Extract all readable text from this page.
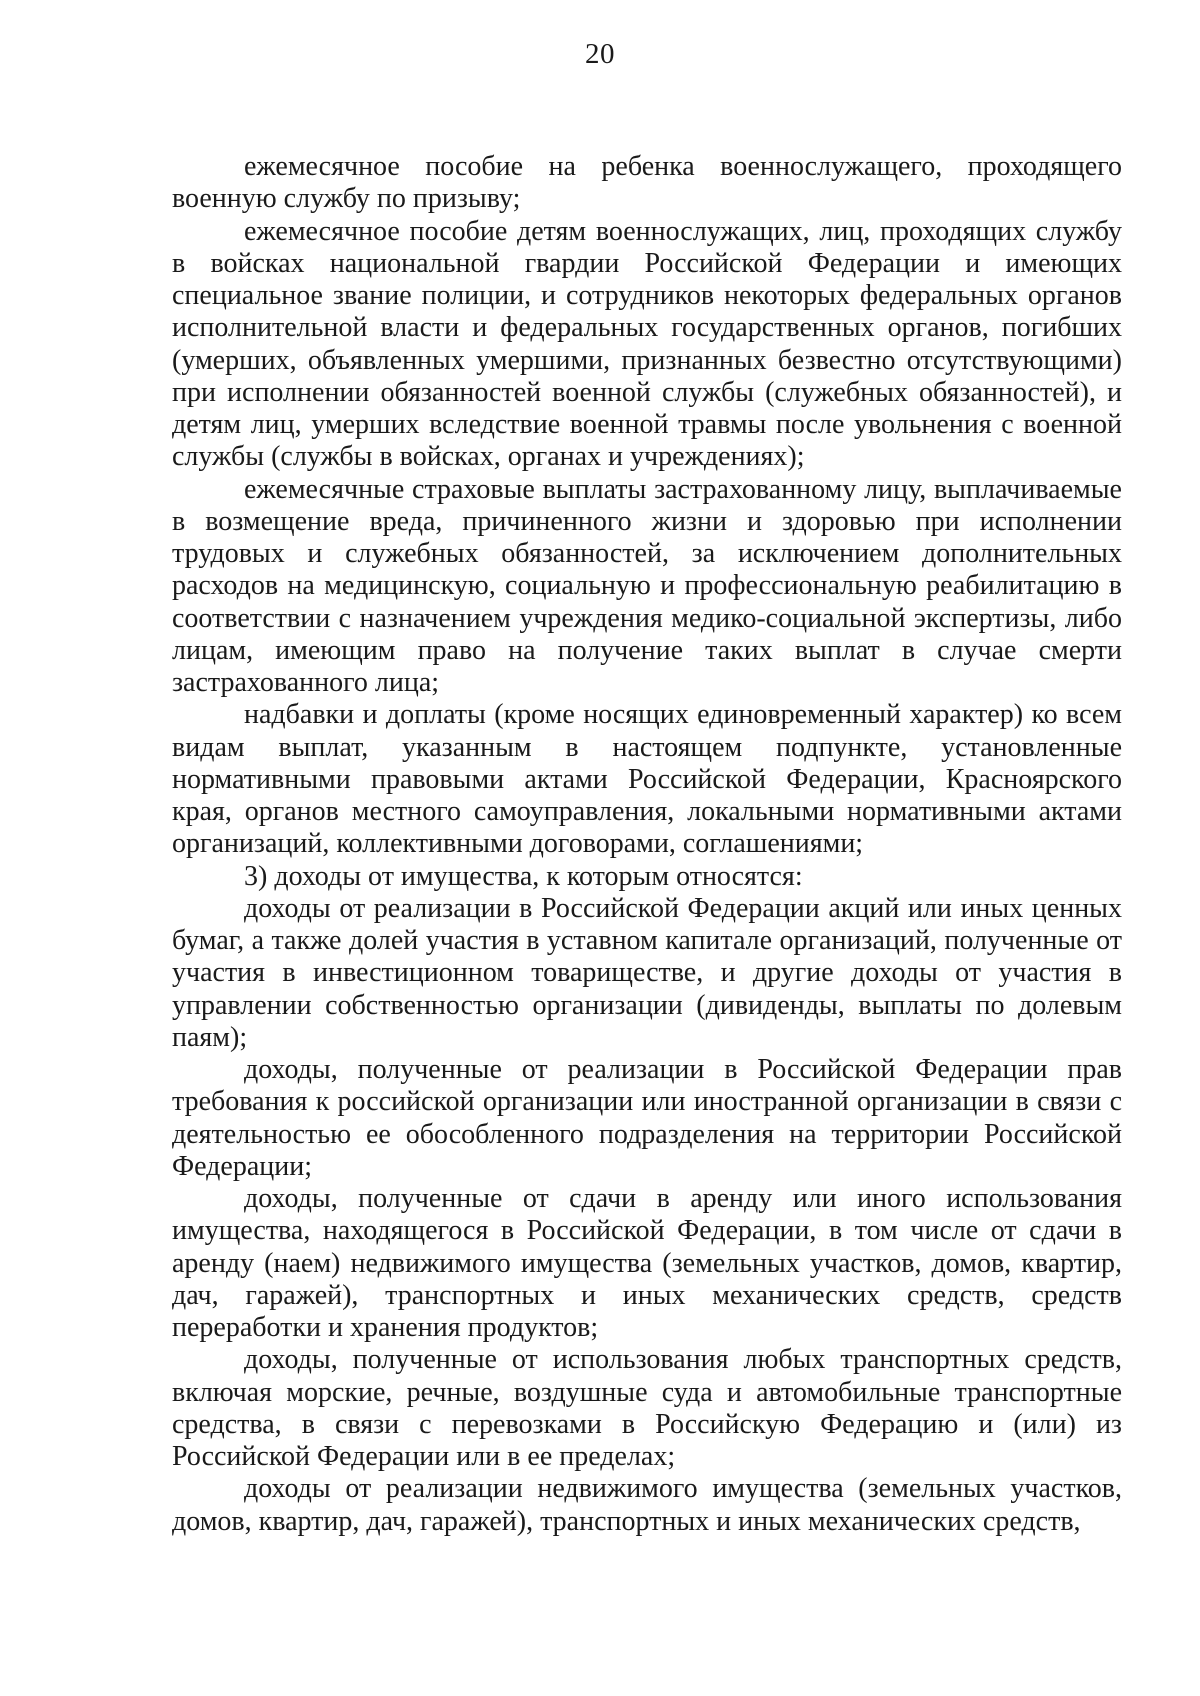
20

ежемесячное пособие на ребенка военнослужащего, проходящего военную службу по призыву;

ежемесячное пособие детям военнослужащих, лиц, проходящих службу в войсках национальной гвардии Российской Федерации и имеющих специальное звание полиции, и сотрудников некоторых федеральных органов исполнительной власти и федеральных государственных органов, погибших (умерших, объявленных умершими, признанных безвестно отсутствующими) при исполнении обязанностей военной службы (служебных обязанностей), и детям лиц, умерших вследствие военной травмы после увольнения с военной службы (службы в войсках, органах и учреждениях);

ежемесячные страховые выплаты застрахованному лицу, выплачиваемые в возмещение вреда, причиненного жизни и здоровью при исполнении трудовых и служебных обязанностей, за исключением дополнительных расходов на медицинскую, социальную и профессиональную реабилитацию в соответствии с назначением учреждения медико-социальной экспертизы, либо лицам, имеющим право на получение таких выплат в случае смерти застрахованного лица;

надбавки и доплаты (кроме носящих единовременный характер) ко всем видам выплат, указанным в настоящем подпункте, установленные нормативными правовыми актами Российской Федерации, Красноярского края, органов местного самоуправления, локальными нормативными актами организаций, коллективными договорами, соглашениями;

3) доходы от имущества, к которым относятся:

доходы от реализации в Российской Федерации акций или иных ценных бумаг, а также долей участия в уставном капитале организаций, полученные от участия в инвестиционном товариществе, и другие доходы от участия в управлении собственностью организации (дивиденды, выплаты по долевым паям);

доходы, полученные от реализации в Российской Федерации прав требования к российской организации или иностранной организации в связи с деятельностью ее обособленного подразделения на территории Российской Федерации;

доходы, полученные от сдачи в аренду или иного использования имущества, находящегося в Российской Федерации, в том числе от сдачи в аренду (наем) недвижимого имущества (земельных участков, домов, квартир, дач, гаражей), транспортных и иных механических средств, средств переработки и хранения продуктов;

доходы, полученные от использования любых транспортных средств, включая морские, речные, воздушные суда и автомобильные транспортные средства, в связи с перевозками в Российскую Федерацию и (или) из Российской Федерации или в ее пределах;

доходы от реализации недвижимого имущества (земельных участков, домов, квартир, дач, гаражей), транспортных и иных механических средств,
